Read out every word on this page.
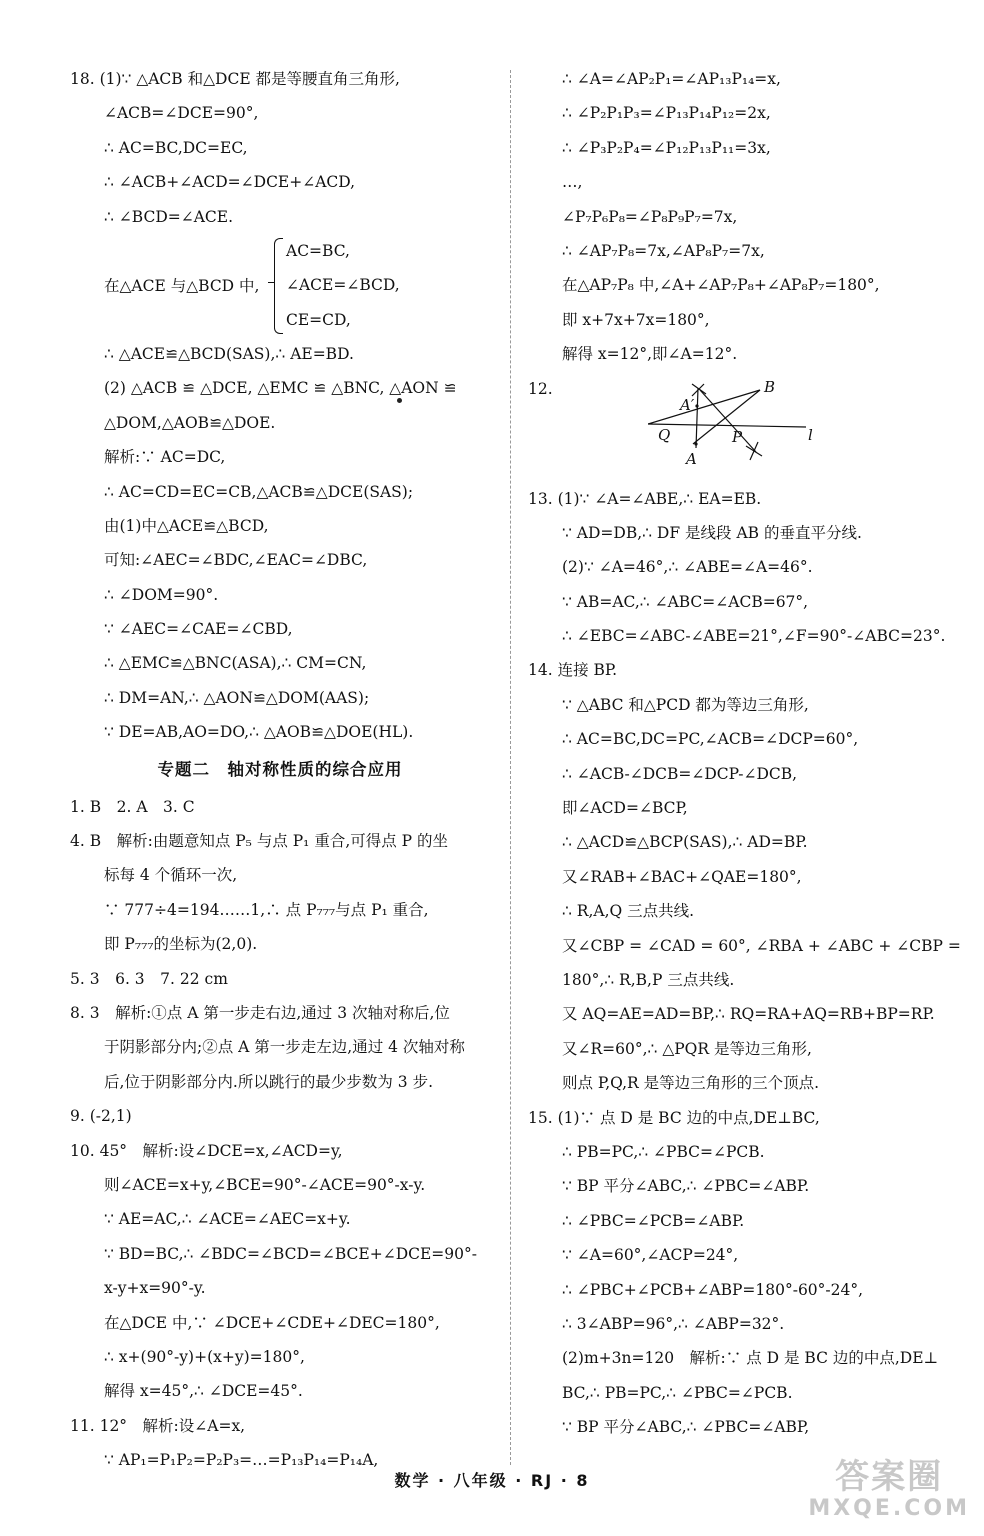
18. (1)∵ △ACB 和△DCE 都是等腰直角三角形,
∠ACB=∠DCE=90°,
∴ AC=BC,DC=EC,
∴ ∠ACB+∠ACD=∠DCE+∠ACD,
∴ ∠BCD=∠ACE.
在△ACE 与△BCD 中,
AC=BC,
∠ACE=∠BCD,
CE=CD,
∴ △ACE≌△BCD(SAS),∴ AE=BD.
(2) △ACB ≌ △DCE, △EMC ≌ △BNC, △AON ≌
△DOM,△AOB≌△DOE.
解析:∵ AC=DC,
∴ AC=CD=EC=CB,△ACB≌△DCE(SAS);
由(1)中△ACE≌△BCD,
可知:∠AEC=∠BDC,∠EAC=∠DBC,
∴ ∠DOM=90°.
∵ ∠AEC=∠CAE=∠CBD,
∴ △EMC≌△BNC(ASA),∴ CM=CN,
∴ DM=AN,∴ △AON≌△DOM(AAS);
∵ DE=AB,AO=DO,∴ △AOB≌△DOE(HL).
专题二　轴对称性质的综合应用
1. B　2. A　3. C
4. B　解析:由题意知点 P₅ 与点 P₁ 重合,可得点 P 的坐
标每 4 个循环一次,
∵ 777÷4=194……1,∴ 点 P₇₇₇与点 P₁ 重合,
即 P₇₇₇的坐标为(2,0).
5. 3　6. 3　7. 22 cm
8. 3　解析:①点 A 第一步走右边,通过 3 次轴对称后,位
于阴影部分内;②点 A 第一步走左边,通过 4 次轴对称
后,位于阴影部分内.所以跳行的最少步数为 3 步.
9. (-2,1)
10. 45°　解析:设∠DCE=x,∠ACD=y,
则∠ACE=x+y,∠BCE=90°-∠ACE=90°-x-y.
∵ AE=AC,∴ ∠ACE=∠AEC=x+y.
∵ BD=BC,∴ ∠BDC=∠BCD=∠BCE+∠DCE=90°-
x-y+x=90°-y.
在△DCE 中,∵ ∠DCE+∠CDE+∠DEC=180°,
∴ x+(90°-y)+(x+y)=180°,
解得 x=45°,∴ ∠DCE=45°.
11. 12°　解析:设∠A=x,
∵ AP₁=P₁P₂=P₂P₃=…=P₁₃P₁₄=P₁₄A,
∴ ∠A=∠AP₂P₁=∠AP₁₃P₁₄=x,
∴ ∠P₂P₁P₃=∠P₁₃P₁₄P₁₂=2x,
∴ ∠P₃P₂P₄=∠P₁₂P₁₃P₁₁=3x,
…,
∠P₇P₆P₈=∠P₈P₉P₇=7x,
∴ ∠AP₇P₈=7x,∠AP₈P₇=7x,
在△AP₇P₈ 中,∠A+∠AP₇P₈+∠AP₈P₇=180°,
即 x+7x+7x=180°,
解得 x=12°,即∠A=12°.
12.
A′
B
Q
A
P	l
13. (1)∵ ∠A=∠ABE,∴ EA=EB.
∵ AD=DB,∴ DF 是线段 AB 的垂直平分线.
(2)∵ ∠A=46°,∴ ∠ABE=∠A=46°.
∵ AB=AC,∴ ∠ABC=∠ACB=67°,
∴ ∠EBC=∠ABC-∠ABE=21°,∠F=90°-∠ABC=23°.
14. 连接 BP.
∵ △ABC 和△PCD 都为等边三角形,
∴ AC=BC,DC=PC,∠ACB=∠DCP=60°,
∴ ∠ACB-∠DCB=∠DCP-∠DCB,
即∠ACD=∠BCP,
∴ △ACD≌△BCP(SAS),∴ AD=BP.
又∠RAB+∠BAC+∠QAE=180°,
∴ R,A,Q 三点共线.
又∠CBP = ∠CAD = 60°, ∠RBA + ∠ABC + ∠CBP =
180°,∴ R,B,P 三点共线.
又 AQ=AE=AD=BP,∴ RQ=RA+AQ=RB+BP=RP.
又∠R=60°,∴ △PQR 是等边三角形,
则点 P,Q,R 是等边三角形的三个顶点.
15. (1)∵ 点 D 是 BC 边的中点,DE⊥BC,
∴ PB=PC,∴ ∠PBC=∠PCB.
∵ BP 平分∠ABC,∴ ∠PBC=∠ABP.
∴ ∠PBC=∠PCB=∠ABP.
∵ ∠A=60°,∠ACP=24°,
∴ ∠PBC+∠PCB+∠ABP=180°-60°-24°,
∴ 3∠ABP=96°,∴ ∠ABP=32°.
(2)m+3n=120　解析:∵ 点 D 是 BC 边的中点,DE⊥
BC,∴ PB=PC,∴ ∠PBC=∠PCB.
∵ BP 平分∠ABC,∴ ∠PBC=∠ABP,
数学 · 八年级 · RJ · 8	答案圈
MXQE.COM
